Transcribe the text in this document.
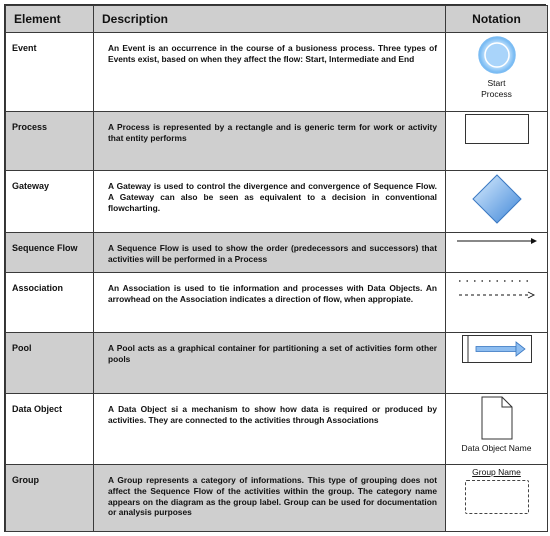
Element	Description	Notation
Event	An Event is an occurrence in the course of a busioness process. Three types of Events exist, based on when they affect the flow: Start, Intermediate and End	Start Process

Process	A Process is represented by a rectangle and is generic term for work or activity that entity performs	

Gateway	A Gateway is used to control the divergence and convergence of Sequence Flow. A Gateway can also be seen as equivalent to a decision in conventional flowcharting.	

Sequence Flow	A Sequence Flow is used to show the order (predecessors and successors) that activities will be performed in a Process	

Association	An Association is used to tie information and processes with Data Objects. An arrowhead on the Association indicates a direction of flow, when appropiate.	

Pool	A Pool acts as a graphical container for partitioning a set of activities form other pools	

Data Object	A Data Object si a mechanism to show how data is required or produced by activities. They are connected to the activities through Associations	Data Object Name

Group	A Group represents a category of informations. This type of grouping does not affect the Sequence Flow of the activities within the group. The category name appears on the diagram as the group label. Group can be used for documentation or analysis purposes	Group Name
